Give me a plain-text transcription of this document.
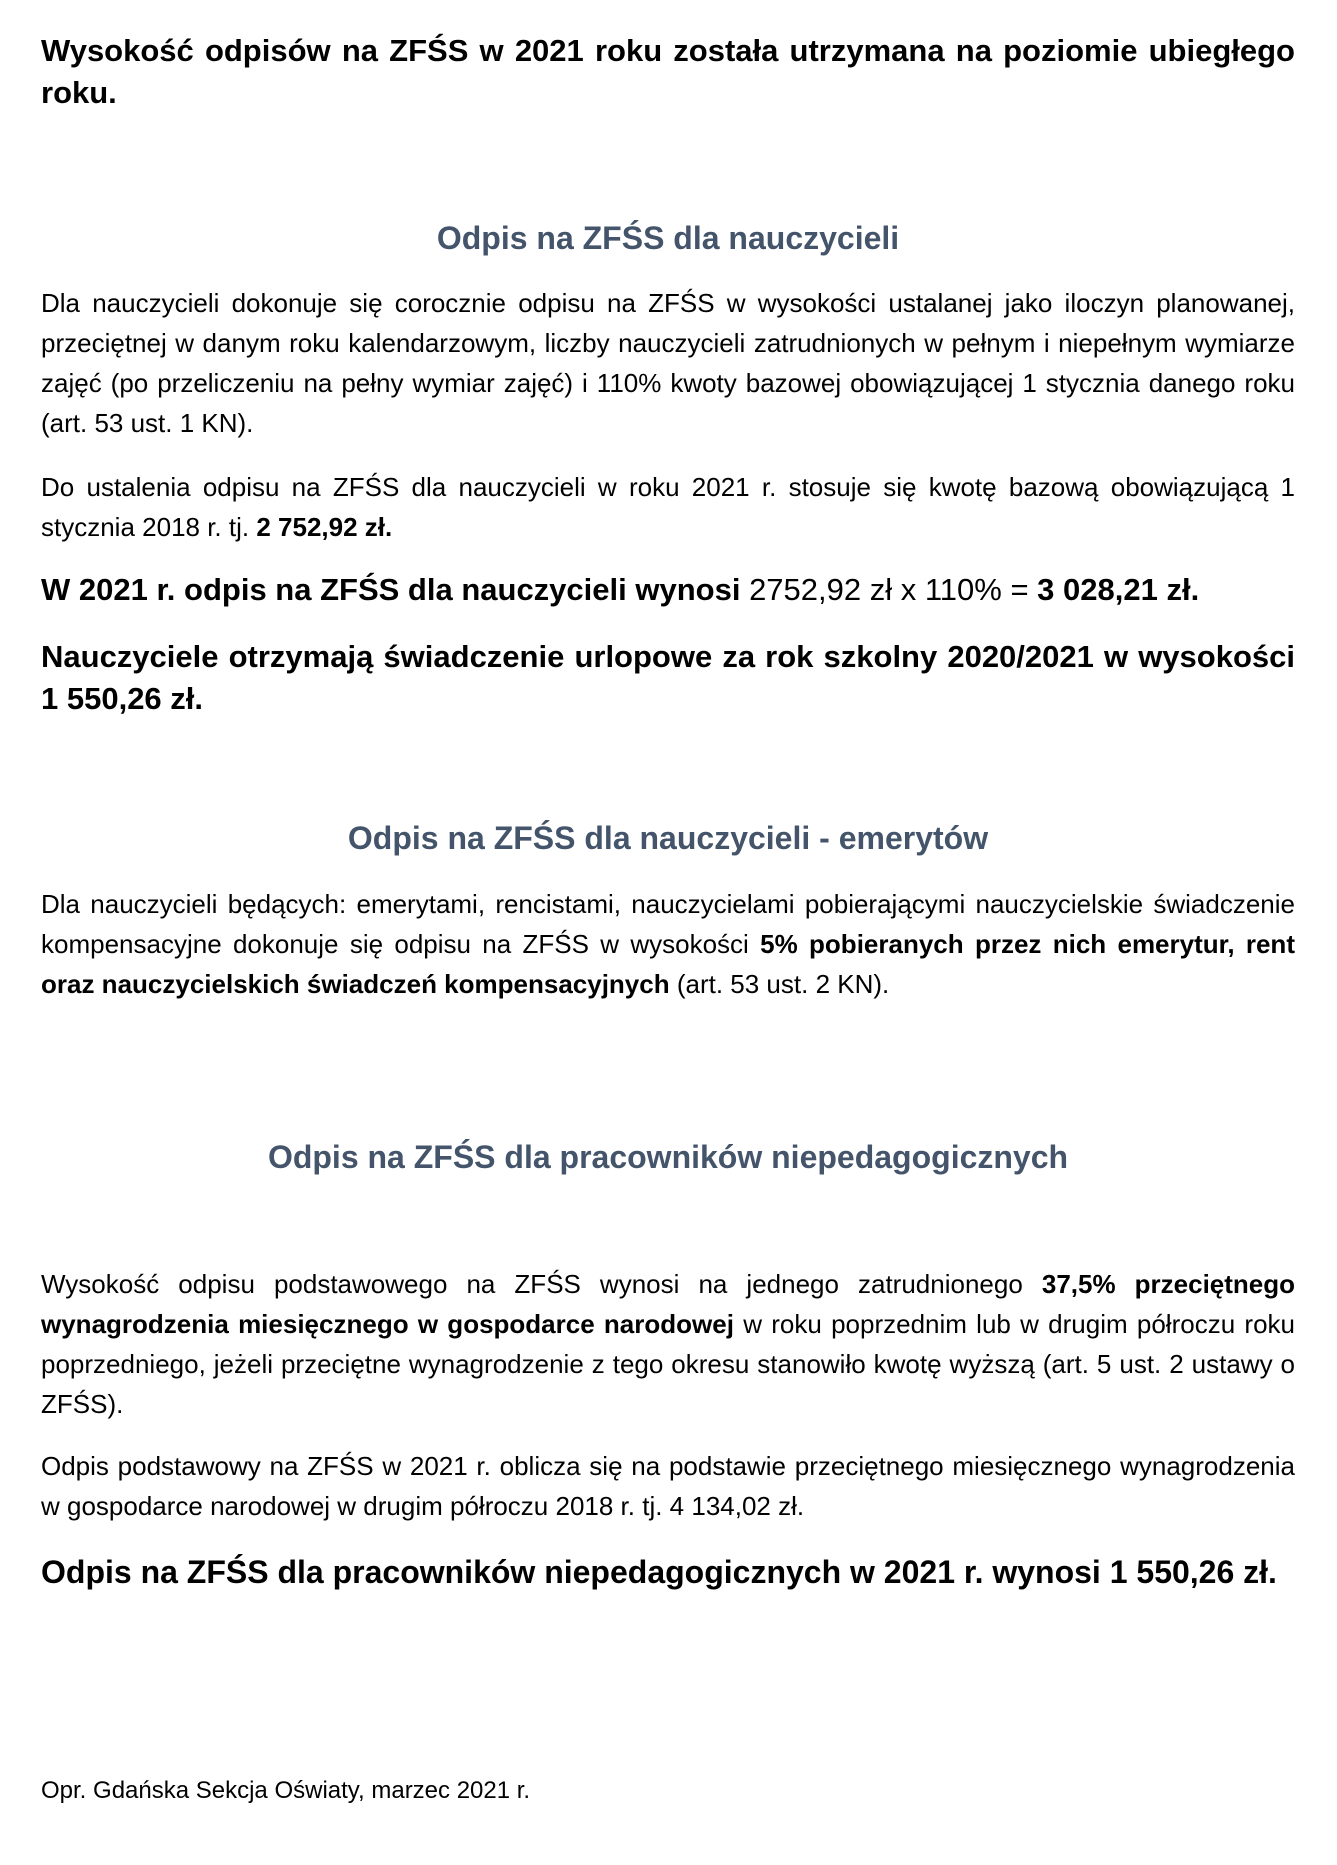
Wysokość odpisów na ZFŚS w 2021 roku została utrzymana na poziomie ubiegłego roku.

Odpis na ZFŚS dla nauczycieli

Dla nauczycieli dokonuje się corocznie odpisu na ZFŚS w wysokości ustalanej jako iloczyn planowanej, przeciętnej w danym roku kalendarzowym, liczby nauczycieli zatrudnionych w pełnym i niepełnym wymiarze zajęć (po przeliczeniu na pełny wymiar zajęć) i 110% kwoty bazowej obowiązującej 1 stycznia danego roku (art. 53 ust. 1 KN).

Do ustalenia odpisu na ZFŚS dla nauczycieli w roku 2021 r. stosuje się kwotę bazową obowiązującą 1 stycznia 2018 r. tj. 2 752,92 zł.

W 2021 r. odpis na ZFŚS dla nauczycieli wynosi 2752,92 zł x 110% = 3 028,21 zł.

Nauczyciele otrzymają świadczenie urlopowe za rok szkolny 2020/2021 w wysokości 1 550,26 zł.

Odpis na ZFŚS dla nauczycieli - emerytów

Dla nauczycieli będących: emerytami, rencistami, nauczycielami pobierającymi nauczycielskie świadczenie kompensacyjne dokonuje się odpisu na ZFŚS w wysokości 5% pobieranych przez nich emerytur, rent oraz nauczycielskich świadczeń kompensacyjnych (art. 53 ust. 2 KN).

Odpis na ZFŚS dla pracowników niepedagogicznych

Wysokość odpisu podstawowego na ZFŚS wynosi na jednego zatrudnionego 37,5% przeciętnego wynagrodzenia miesięcznego w gospodarce narodowej w roku poprzednim lub w drugim półroczu roku poprzedniego, jeżeli przeciętne wynagrodzenie z tego okresu stanowiło kwotę wyższą (art. 5 ust. 2 ustawy o ZFŚS).

Odpis podstawowy na ZFŚS w 2021 r. oblicza się na podstawie przeciętnego miesięcznego wynagrodzenia w gospodarce narodowej w drugim półroczu 2018 r. tj. 4 134,02 zł.

Odpis na ZFŚS dla pracowników niepedagogicznych w 2021 r. wynosi 1 550,26 zł.

Opr. Gdańska Sekcja Oświaty, marzec 2021 r.
